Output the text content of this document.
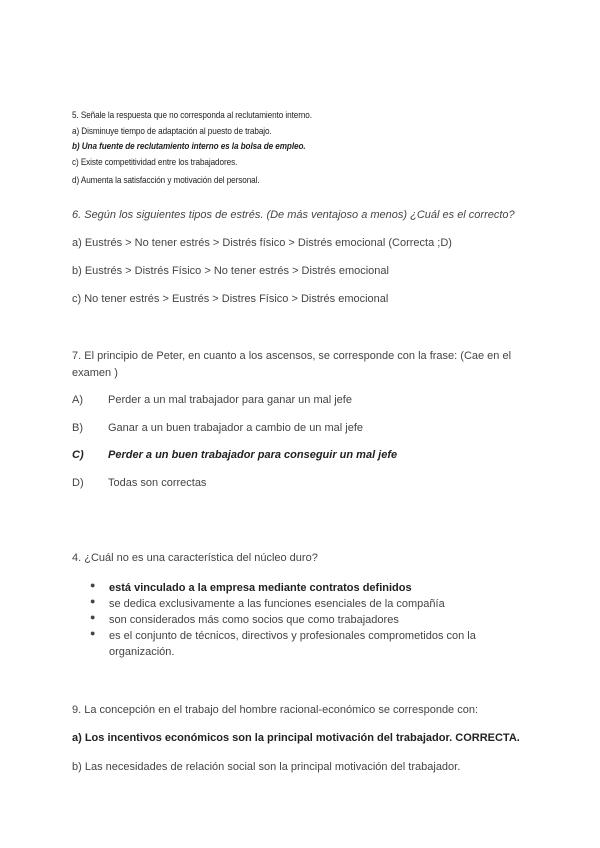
5. Señale la respuesta que no corresponda al reclutamiento interno.
a) Disminuye tiempo de adaptación al puesto de trabajo.
b) Una fuente de reclutamiento interno es la bolsa de empleo.
c) Existe competitividad entre los trabajadores.
d) Aumenta la satisfacción y motivación del personal.
6. Según los siguientes tipos de estrés. (De más ventajoso a menos) ¿Cuál es el correcto?
a) Eustrés > No tener estrés > Distrés físico > Distrés emocional (Correcta ;D)
b) Eustrés > Distrés Físico > No tener estrés > Distrés emocional
c) No tener estrés > Eustrés > Distres Físico > Distrés emocional
7. El principio de Peter, en cuanto a los ascensos, se corresponde con la frase: (Cae en el examen )
A) Perder a un mal trabajador para ganar un mal jefe
B) Ganar a un buen trabajador a cambio de un mal jefe
C) Perder a un buen trabajador para conseguir un mal jefe
D) Todas son correctas
4. ¿Cuál no es una característica del núcleo duro?
● está vinculado a la empresa mediante contratos definidos
● se dedica exclusivamente a las funciones esenciales de la compañía
● son considerados más como socios que como trabajadores
● es el conjunto de técnicos, directivos y profesionales comprometidos con la organización.
9. La concepción en el trabajo del hombre racional-económico se corresponde con:
a) Los incentivos económicos son la principal motivación del trabajador. CORRECTA.
b) Las necesidades de relación social son la principal motivación del trabajador.
